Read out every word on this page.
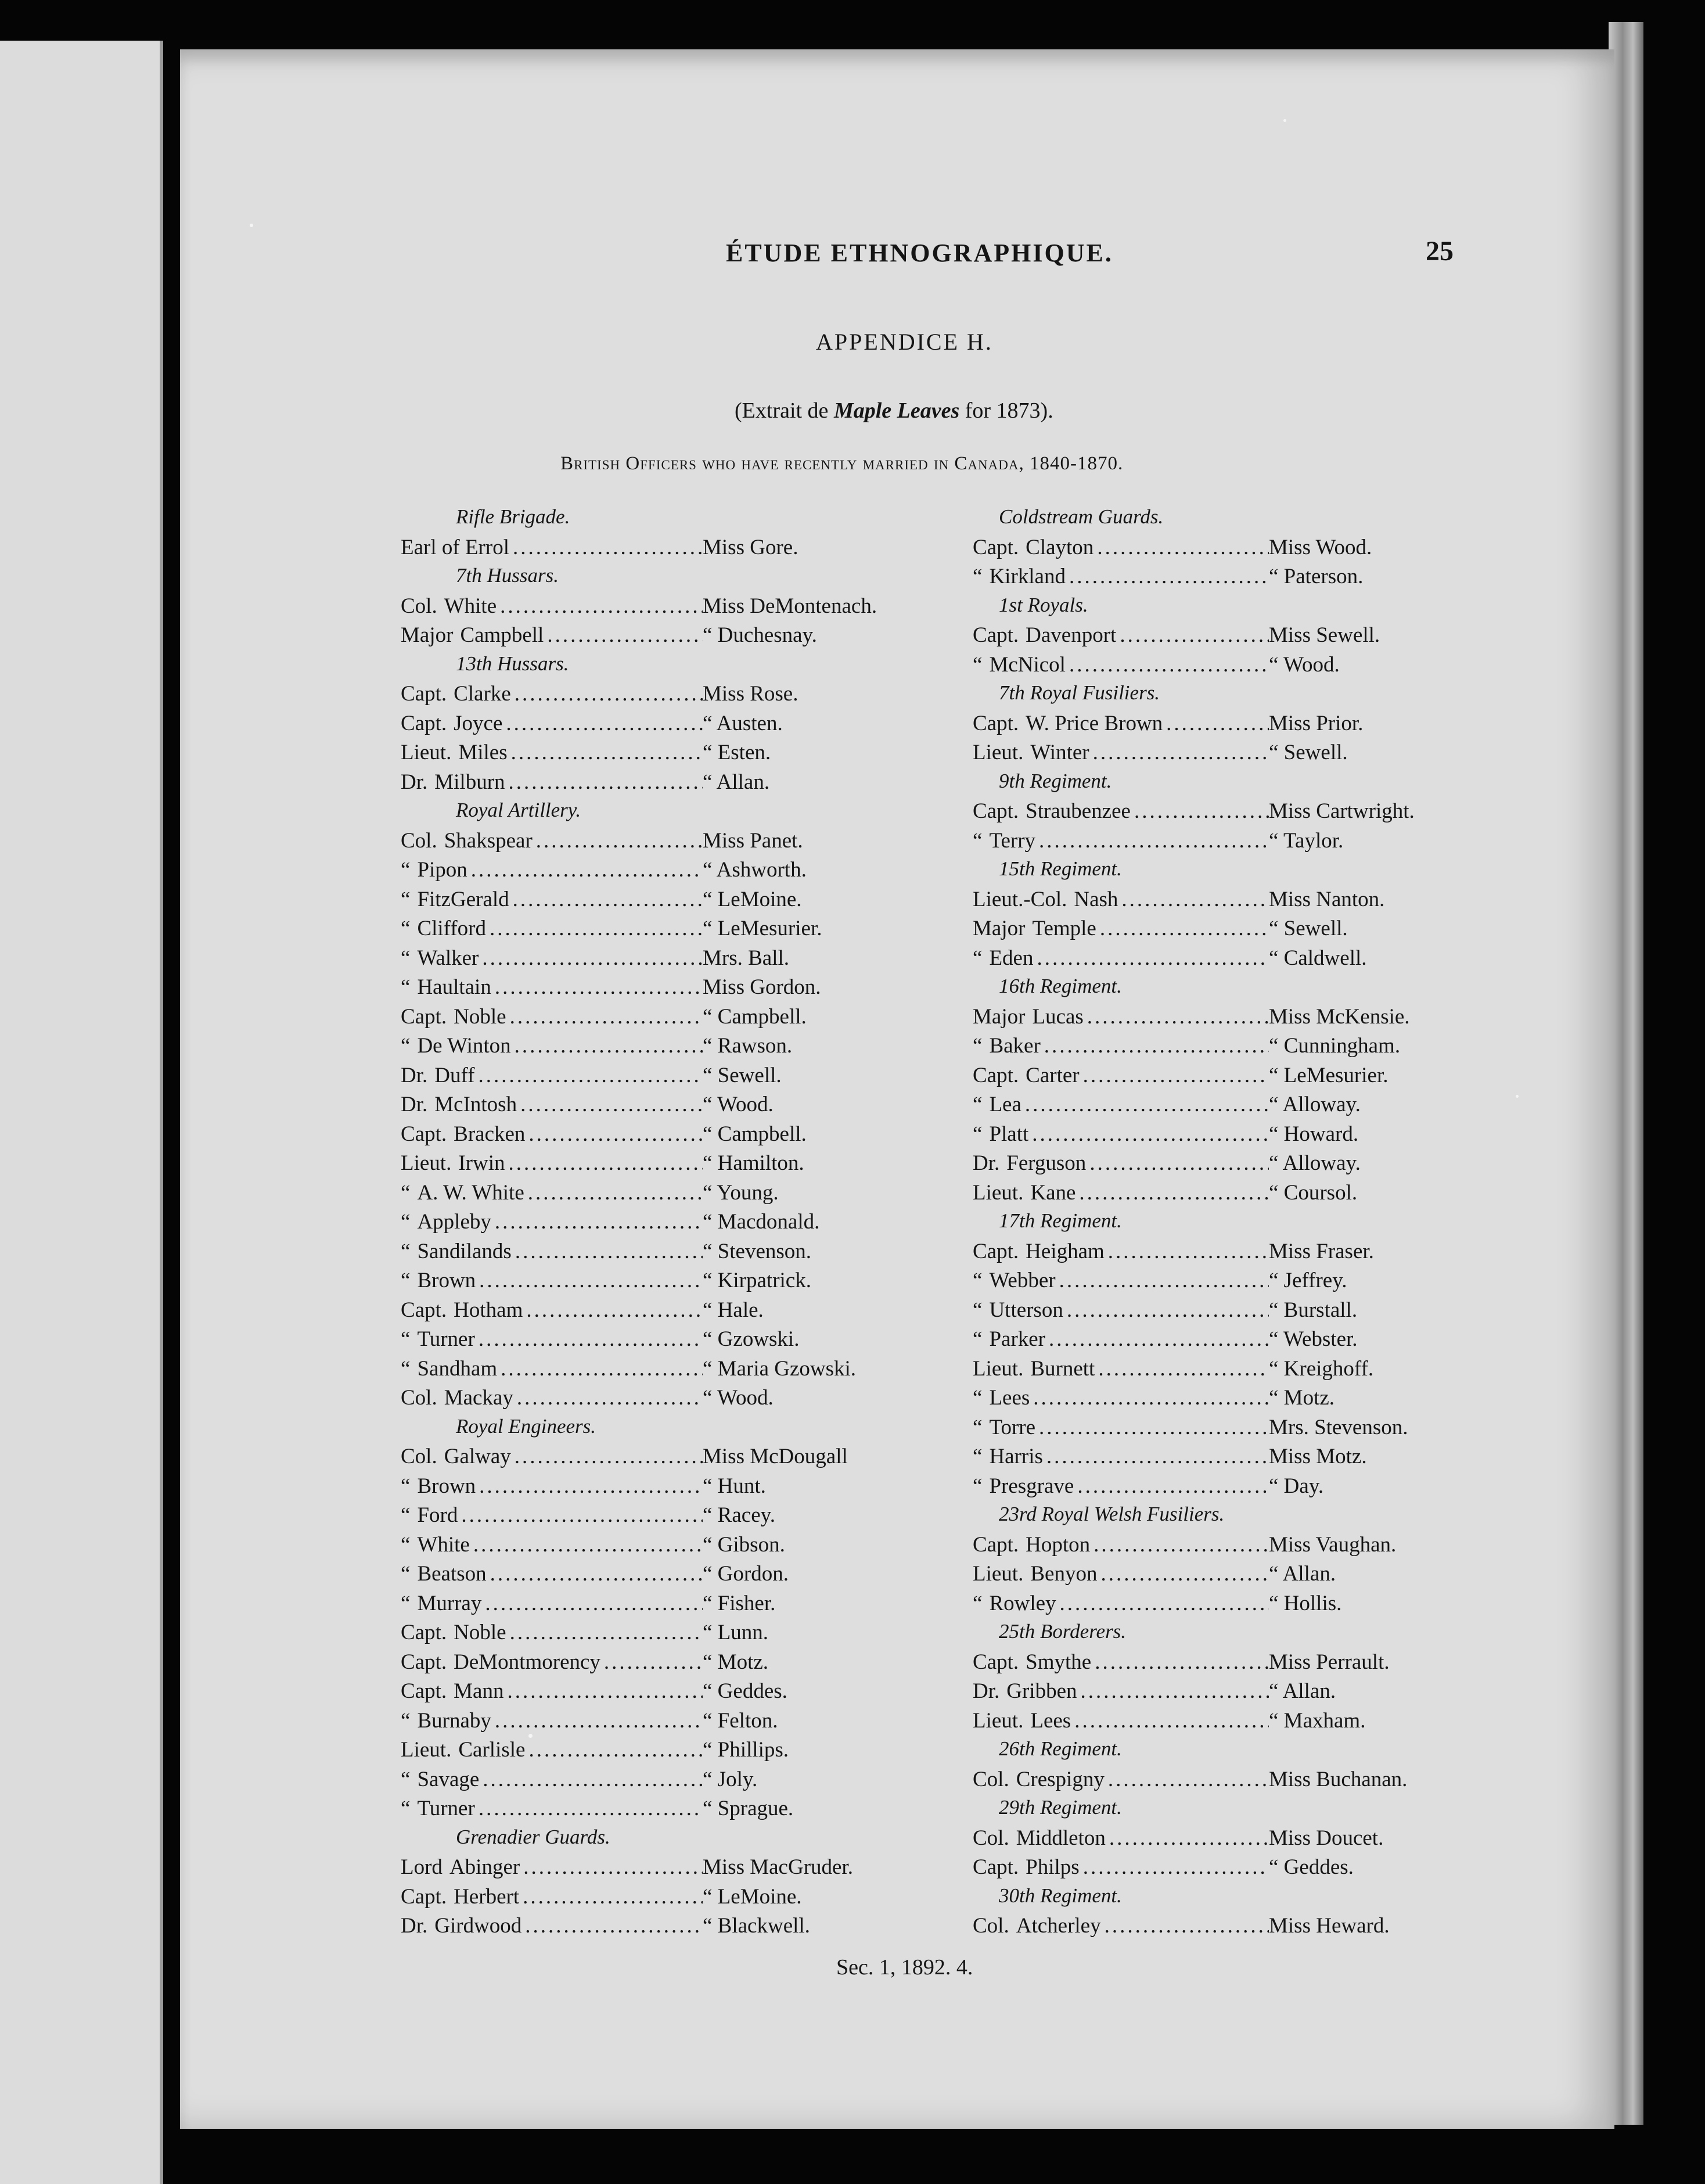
ÉTUDE ETHNOGRAPHIQUE.	25
APPENDICE H.
(Extrait de Maple Leaves for 1873).
British Officers who have recently married in Canada, 1840-1870.
Rifle Brigade.
Earl of Errol .....	Miss Gore.
7th Hussars.
Col. White .....	Miss DeMontenach.
Major Campbell .....	“ Duchesnay.
13th Hussars.
Capt. Clarke .....	Miss Rose.
Capt. Joyce .....	“ Austen.
Lieut. Miles .....	“ Esten.
Dr. Milburn .....	“ Allan.
Royal Artillery.
Col. Shakspear .....	Miss Panet.
“ Pipon .....	“ Ashworth.
“ FitzGerald .....	“ LeMoine.
“ Clifford .....	“ LeMesurier.
“ Walker .....	Mrs. Ball.
“ Haultain .....	Miss Gordon.
Capt. Noble .....	“ Campbell.
“ De Winton .....	“ Rawson.
Dr. Duff .....	“ Sewell.
Dr. McIntosh .....	“ Wood.
Capt. Bracken .....	“ Campbell.
Lieut. Irwin .....	“ Hamilton.
“ A. W. White .....	“ Young.
“ Appleby .....	“ Macdonald.
“ Sandilands .....	“ Stevenson.
“ Brown .....	“ Kirpatrick.
Capt. Hotham .....	“ Hale.
“ Turner .....	“ Gzowski.
“ Sandham .....	“ Maria Gzowski.
Col. Mackay .....	“ Wood.
Royal Engineers.
Col. Galway .....	Miss McDougall
“ Brown .....	“ Hunt.
“ Ford .....	“ Racey.
“ White .....	“ Gibson.
“ Beatson .....	“ Gordon.
“ Murray .....	“ Fisher.
Capt. Noble .....	“ Lunn.
Capt. DeMontmorency .....	“ Motz.
Capt. Mann .....	“ Geddes.
“ Burnaby .....	“ Felton.
Lieut. Carlisle .....	“ Phillips.
“ Savage .....	“ Joly.
“ Turner .....	“ Sprague.
Grenadier Guards.
Lord Abinger .....	Miss MacGruder.
Capt. Herbert .....	“ LeMoine.
Dr. Girdwood .....	“ Blackwell.
Coldstream Guards.
Capt. Clayton .....	Miss Wood.
“ Kirkland .....	“ Paterson.
1st Royals.
Capt. Davenport .....	Miss Sewell.
“ McNicol .....	“ Wood.
7th Royal Fusiliers.
Capt. W. Price Brown .....	Miss Prior.
Lieut. Winter .....	“ Sewell.
9th Regiment.
Capt. Straubenzee .....	Miss Cartwright.
“ Terry .....	“ Taylor.
15th Regiment.
Lieut.-Col. Nash .....	Miss Nanton.
Major Temple .....	“ Sewell.
“ Eden .....	“ Caldwell.
16th Regiment.
Major Lucas .....	Miss McKensie.
“ Baker .....	“ Cunningham.
Capt. Carter .....	“ LeMesurier.
“ Lea .....	“ Alloway.
“ Platt .....	“ Howard.
Dr. Ferguson .....	“ Alloway.
Lieut. Kane .....	“ Coursol.
17th Regiment.
Capt. Heigham .....	Miss Fraser.
“ Webber .....	“ Jeffrey.
“ Utterson .....	“ Burstall.
“ Parker .....	“ Webster.
Lieut. Burnett .....	“ Kreighoff.
“ Lees .....	“ Motz.
“ Torre .....	Mrs. Stevenson.
“ Harris .....	Miss Motz.
“ Presgrave .....	“ Day.
23rd Royal Welsh Fusiliers.
Capt. Hopton .....	Miss Vaughan.
Lieut. Benyon .....	“ Allan.
“ Rowley .....	“ Hollis.
25th Borderers.
Capt. Smythe .....	Miss Perrault.
Dr. Gribben .....	“ Allan.
Lieut. Lees .....	“ Maxham.
26th Regiment.
Col. Crespigny .....	Miss Buchanan.
29th Regiment.
Col. Middleton .....	Miss Doucet.
Capt. Philps .....	“ Geddes.
30th Regiment.
Col. Atcherley .....	Miss Heward.
Sec. 1, 1892. 4.
